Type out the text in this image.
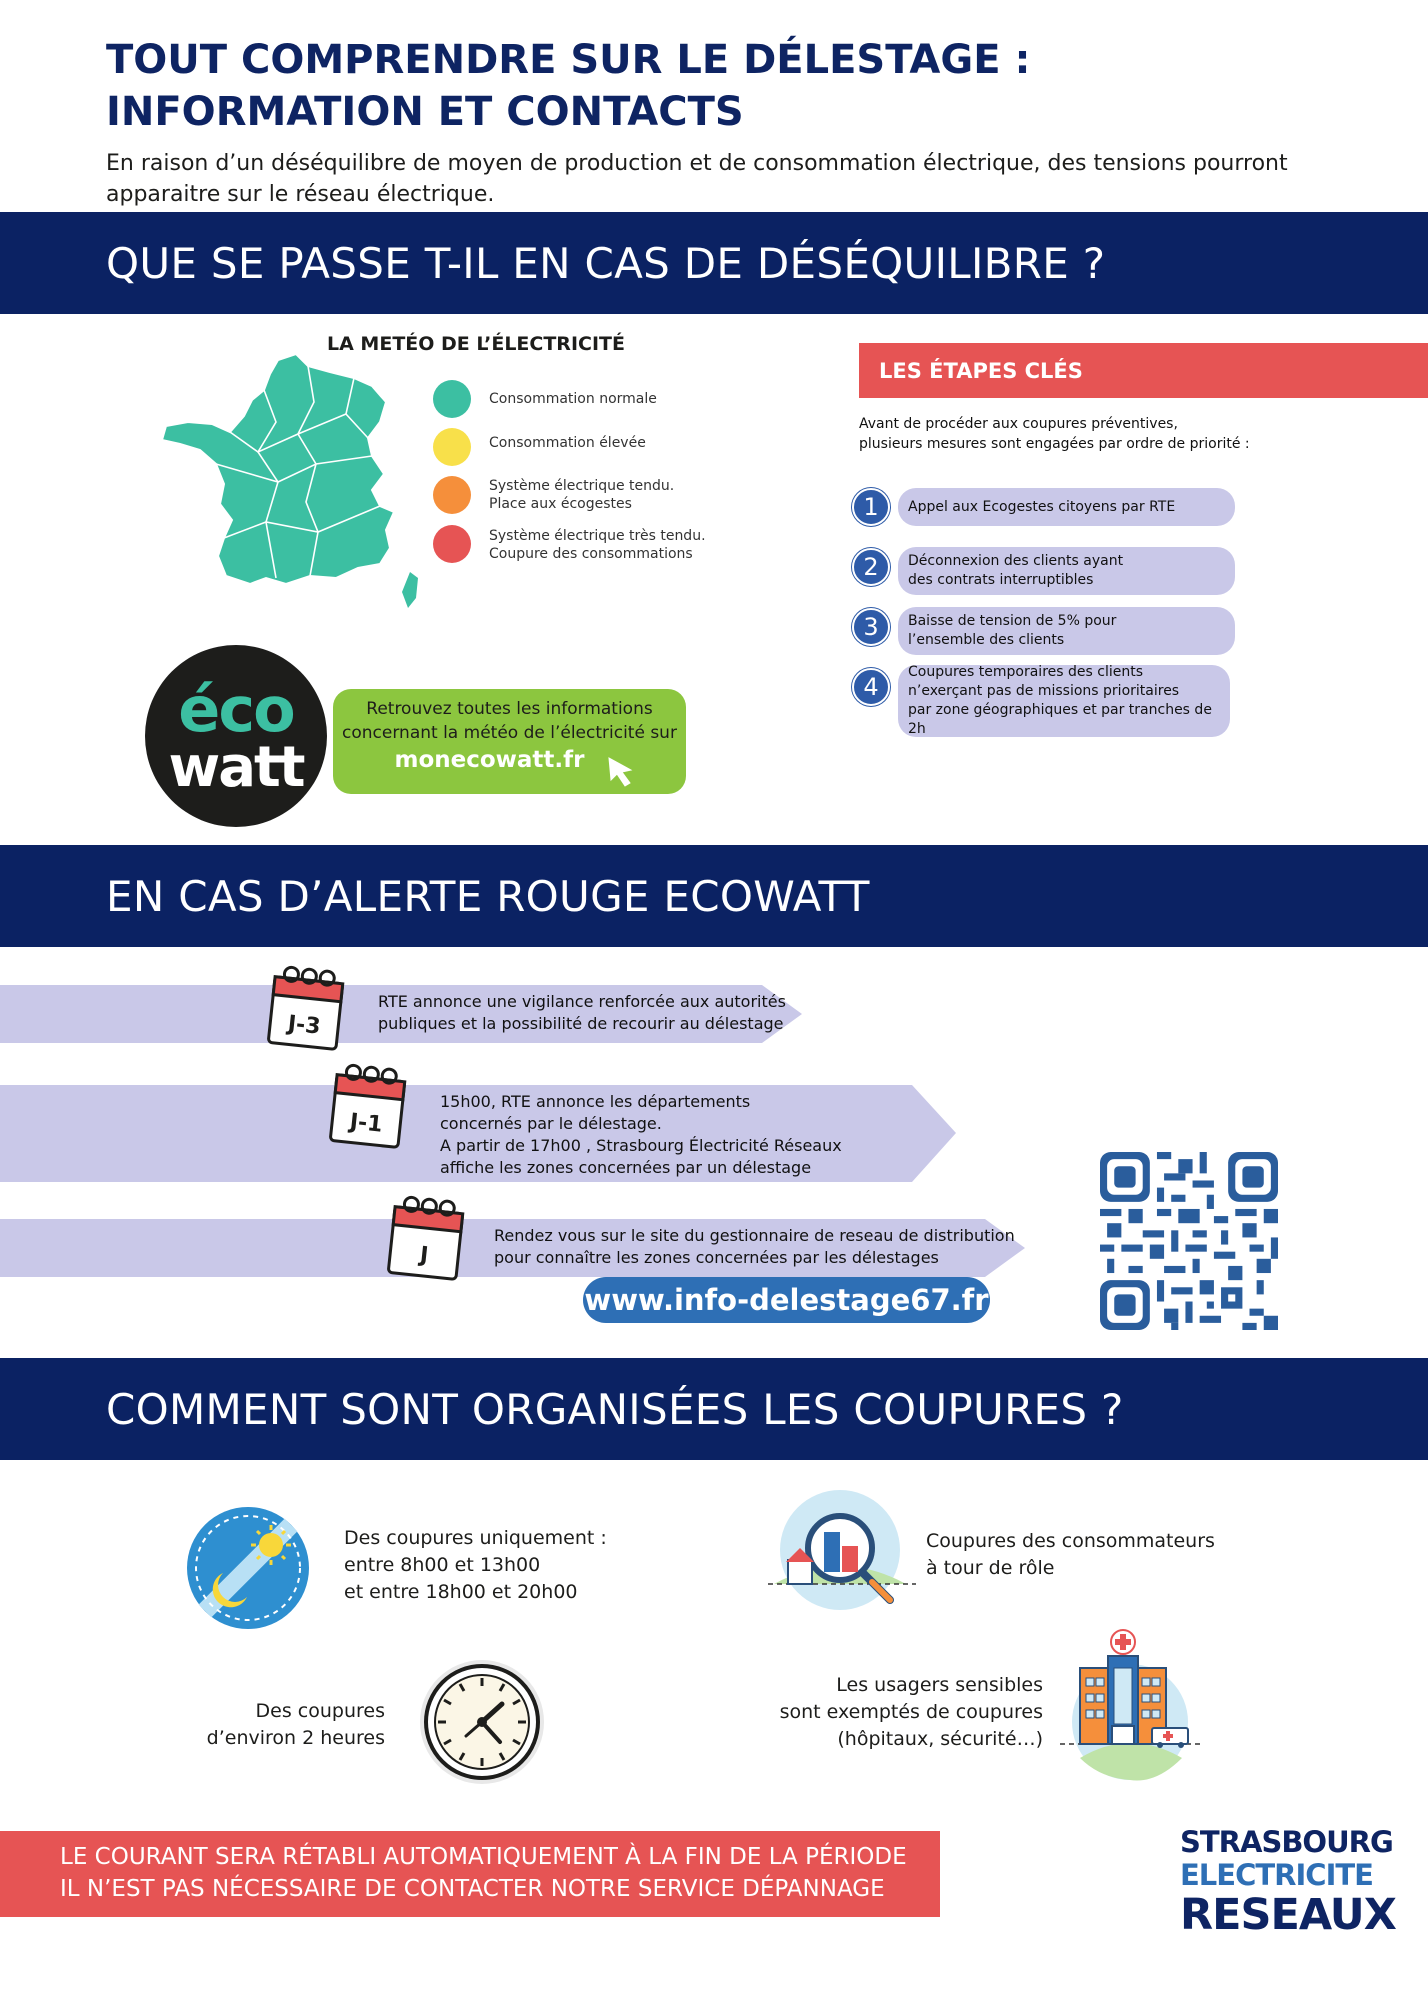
TOUT COMPRENDRE SUR LE DÉLESTAGE :
INFORMATION ET CONTACTS
En raison d’un déséquilibre de moyen de production et de consommation électrique, des tensions pourront
apparaitre sur le réseau électrique.
QUE SE PASSE T-IL EN CAS DE DÉSÉQUILIBRE ?
LA METÉO DE L’ÉLECTRICITÉ
Consommation normale
Consommation élevée
Système électrique tendu.
Place aux écogestes
Système électrique très tendu.
Coupure des consommations
éco
watt
Retrouvez toutes les informations
concernant la météo de l’électricité sur
monecowatt.fr
LES ÉTAPES CLÉS
Avant de procéder aux coupures préventives,
plusieurs mesures sont engagées par ordre de priorité :
Appel aux Ecogestes citoyens par RTE
1
Déconnexion des clients ayant
des contrats interruptibles
2
Baisse de tension de 5% pour
l’ensemble des clients
3
Coupures temporaires des clients
n’exerçant pas de missions prioritaires
par zone géographiques et par tranches de 2h
4
EN CAS D’ALERTE ROUGE ECOWATT
J-3
J-1
J
RTE annonce une vigilance renforcée aux autorités
publiques et la possibilité de recourir au délestage
15h00, RTE annonce les départements
concernés par le délestage.
A partir de 17h00 , Strasbourg Électricité Réseaux
affiche les zones concernées par un délestage
Rendez vous sur le site du gestionnaire de reseau de distribution
pour connaître les zones concernées par les délestages
www.info-delestage67.fr
COMMENT SONT ORGANISÉES LES COUPURES ?
Des coupures uniquement :
entre 8h00 et 13h00
et entre 18h00 et 20h00
Coupures des consommateurs
à tour de rôle
Des coupures
d’environ 2 heures
Les usagers sensibles
sont exemptés de coupures
(hôpitaux, sécurité…)
LE COURANT SERA RÉTABLI AUTOMATIQUEMENT À LA FIN DE LA PÉRIODE
IL N’EST PAS NÉCESSAIRE DE CONTACTER NOTRE SERVICE DÉPANNAGE
STRASBOURG
ELECTRICITE
RESEAUX
